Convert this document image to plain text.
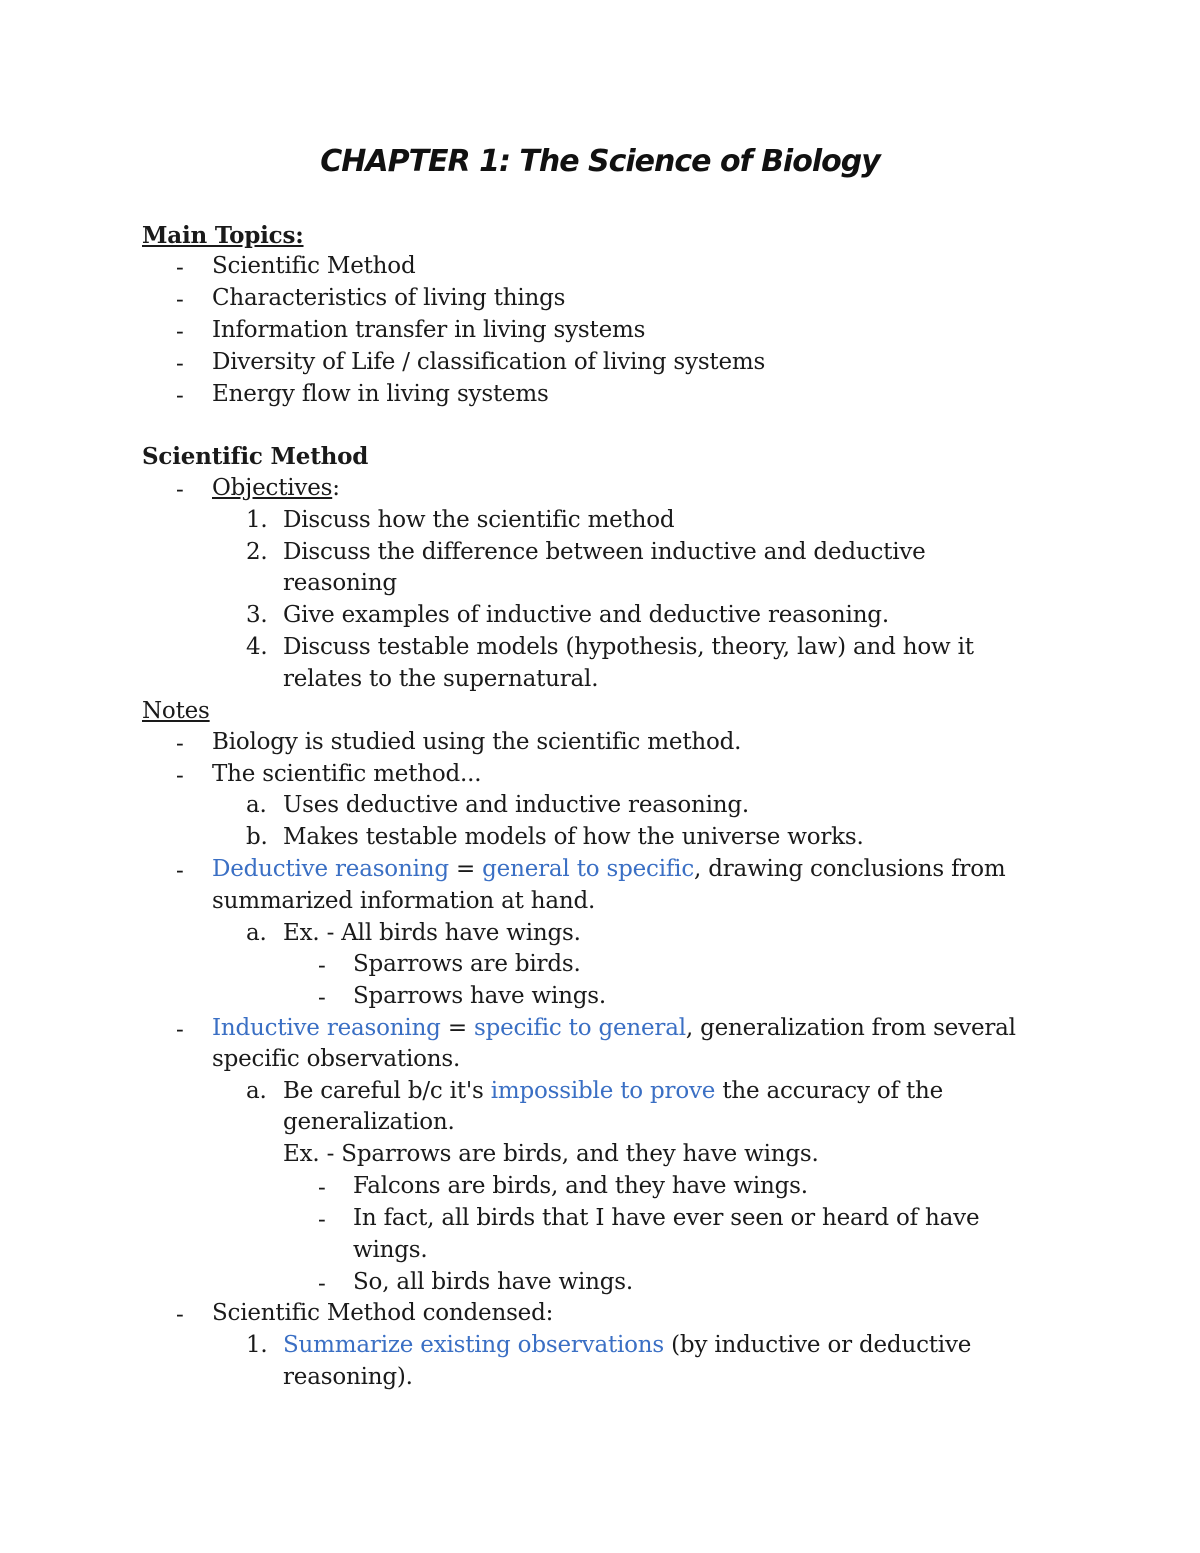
CHAPTER 1: The Science of Biology
Main Topics:
- Scientific Method
- Characteristics of living things
- Information transfer in living systems
- Diversity of Life / classification of living systems
- Energy flow in living systems
Scientific Method
- Objectives:
1. Discuss how the scientific method
2. Discuss the difference between inductive and deductive
reasoning
3. Give examples of inductive and deductive reasoning.
4. Discuss testable models (hypothesis, theory, law) and how it
relates to the supernatural.
Notes
- Biology is studied using the scientific method.
- The scientific method...
a. Uses deductive and inductive reasoning.
b. Makes testable models of how the universe works.
- Deductive reasoning = general to specific, drawing conclusions from
summarized information at hand.
a. Ex. - All birds have wings.
- Sparrows are birds.
- Sparrows have wings.
- Inductive reasoning = specific to general, generalization from several
specific observations.
a. Be careful b/c it's impossible to prove the accuracy of the
generalization.
Ex. - Sparrows are birds, and they have wings.
- Falcons are birds, and they have wings.
- In fact, all birds that I have ever seen or heard of have
wings.
- So, all birds have wings.
- Scientific Method condensed:
1. Summarize existing observations (by inductive or deductive
reasoning).
